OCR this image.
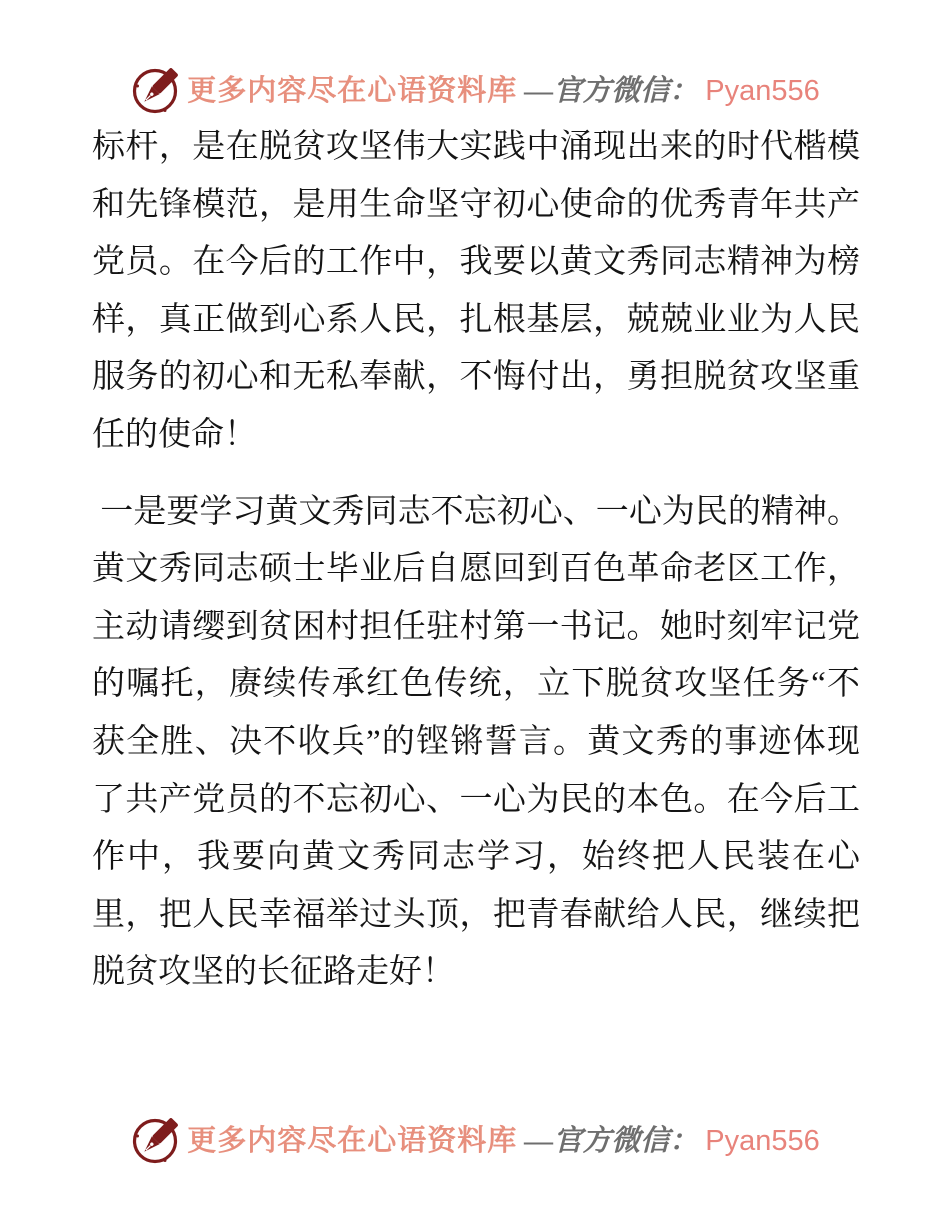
更多内容尽在心语资料库 —官方微信： Pyan556

标杆，是在脱贫攻坚伟大实践中涌现出来的时代楷模和先锋模范，是用生命坚守初心使命的优秀青年共产党员。在今后的工作中，我要以黄文秀同志精神为榜样，真正做到心系人民，扎根基层，兢兢业业为人民服务的初心和无私奉献，不悔付出，勇担脱贫攻坚重任的使命！

一是要学习黄文秀同志不忘初心、一心为民的精神。黄文秀同志硕士毕业后自愿回到百色革命老区工作，主动请缨到贫困村担任驻村第一书记。她时刻牢记党的嘱托，赓续传承红色传统，立下脱贫攻坚任务“不获全胜、决不收兵”的铿锵誓言。黄文秀的事迹体现了共产党员的不忘初心、一心为民的本色。在今后工作中，我要向黄文秀同志学习，始终把人民装在心里，把人民幸福举过头顶，把青春献给人民，继续把脱贫攻坚的长征路走好！

更多内容尽在心语资料库 —官方微信： Pyan556
